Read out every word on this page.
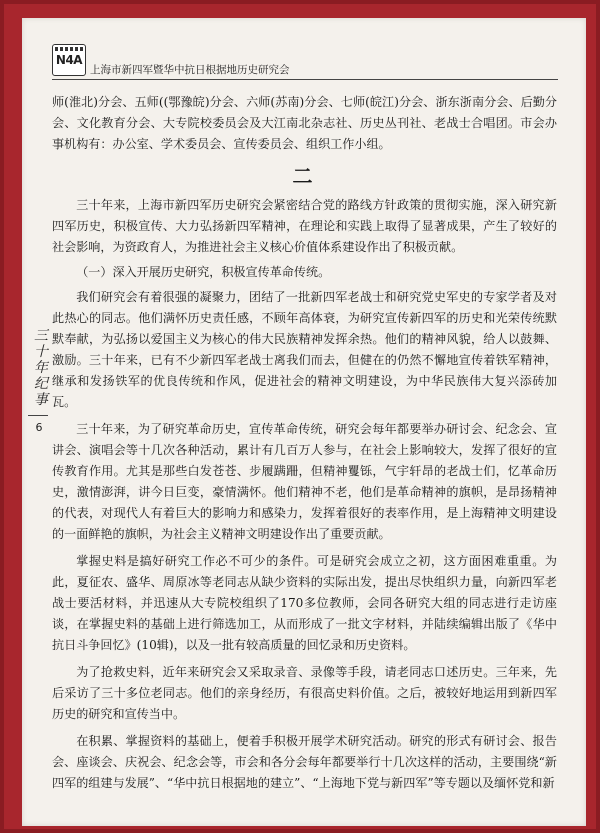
N4A
上海市新四军暨华中抗日根据地历史研究会
三
十
年
纪
事
6

师(淮北)分会、五师((鄂豫皖)分会、六师(苏南)分会、七师(皖江)分会、浙东浙南分会、后勤分会、文化教育分会、大专院校委员会及大江南北杂志社、历史丛刊社、老战士合唱团。市会办事机构有：办公室、学术委员会、宣传委员会、组织工作小组。

二

三十年来，上海市新四军历史研究会紧密结合党的路线方针政策的贯彻实施，深入研究新四军历史，积极宣传、大力弘扬新四军精神，在理论和实践上取得了显著成果，产生了较好的社会影响，为资政育人，为推进社会主义核心价值体系建设作出了积极贡献。

（一）深入开展历史研究，积极宣传革命传统。

我们研究会有着很强的凝聚力，团结了一批新四军老战士和研究党史军史的专家学者及对此热心的同志。他们满怀历史责任感，不顾年高体衰，为研究宣传新四军的历史和光荣传统默默奉献，为弘扬以爱国主义为核心的伟大民族精神发挥余热。他们的精神风貌，给人以鼓舞、激励。三十年来，已有不少新四军老战士离我们而去，但健在的仍然不懈地宣传着铁军精神，继承和发扬铁军的优良传统和作风，促进社会的精神文明建设，为中华民族伟大复兴添砖加瓦。

三十年来，为了研究革命历史，宣传革命传统，研究会每年都要举办研讨会、纪念会、宣讲会、演唱会等十几次各种活动，累计有几百万人参与，在社会上影响较大，发挥了很好的宣传教育作用。尤其是那些白发苍苍、步履蹒跚，但精神矍铄，气宇轩昂的老战士们，忆革命历史，激情澎湃，讲今日巨变，豪情满怀。他们精神不老，他们是革命精神的旗帜，是昂扬精神的代表，对现代人有着巨大的影响力和感染力，发挥着很好的表率作用，是上海精神文明建设的一面鲜艳的旗帜，为社会主义精神文明建设作出了重要贡献。

掌握史料是搞好研究工作必不可少的条件。可是研究会成立之初，这方面困难重重。为此，夏征农、盛华、周原冰等老同志从缺少资料的实际出发，提出尽快组织力量，向新四军老战士要活材料，并迅速从大专院校组织了170多位教师，会同各研究大组的同志进行走访座谈，在掌握史料的基础上进行筛选加工，从而形成了一批文字材料，并陆续编辑出版了《华中抗日斗争回忆》(10辑)，以及一批有较高质量的回忆录和历史资料。

为了抢救史料，近年来研究会又采取录音、录像等手段，请老同志口述历史。三年来，先后采访了三十多位老同志。他们的亲身经历，有很高史料价值。之后，被较好地运用到新四军历史的研究和宣传当中。

在积累、掌握资料的基础上，便着手积极开展学术研究活动。研究的形式有研讨会、报告会、座谈会、庆祝会、纪念会等，市会和各分会每年都要举行十几次这样的活动，主要围绕“新四军的组建与发展”、“华中抗日根据地的建立”、“上海地下党与新四军”等专题以及缅怀党和新
